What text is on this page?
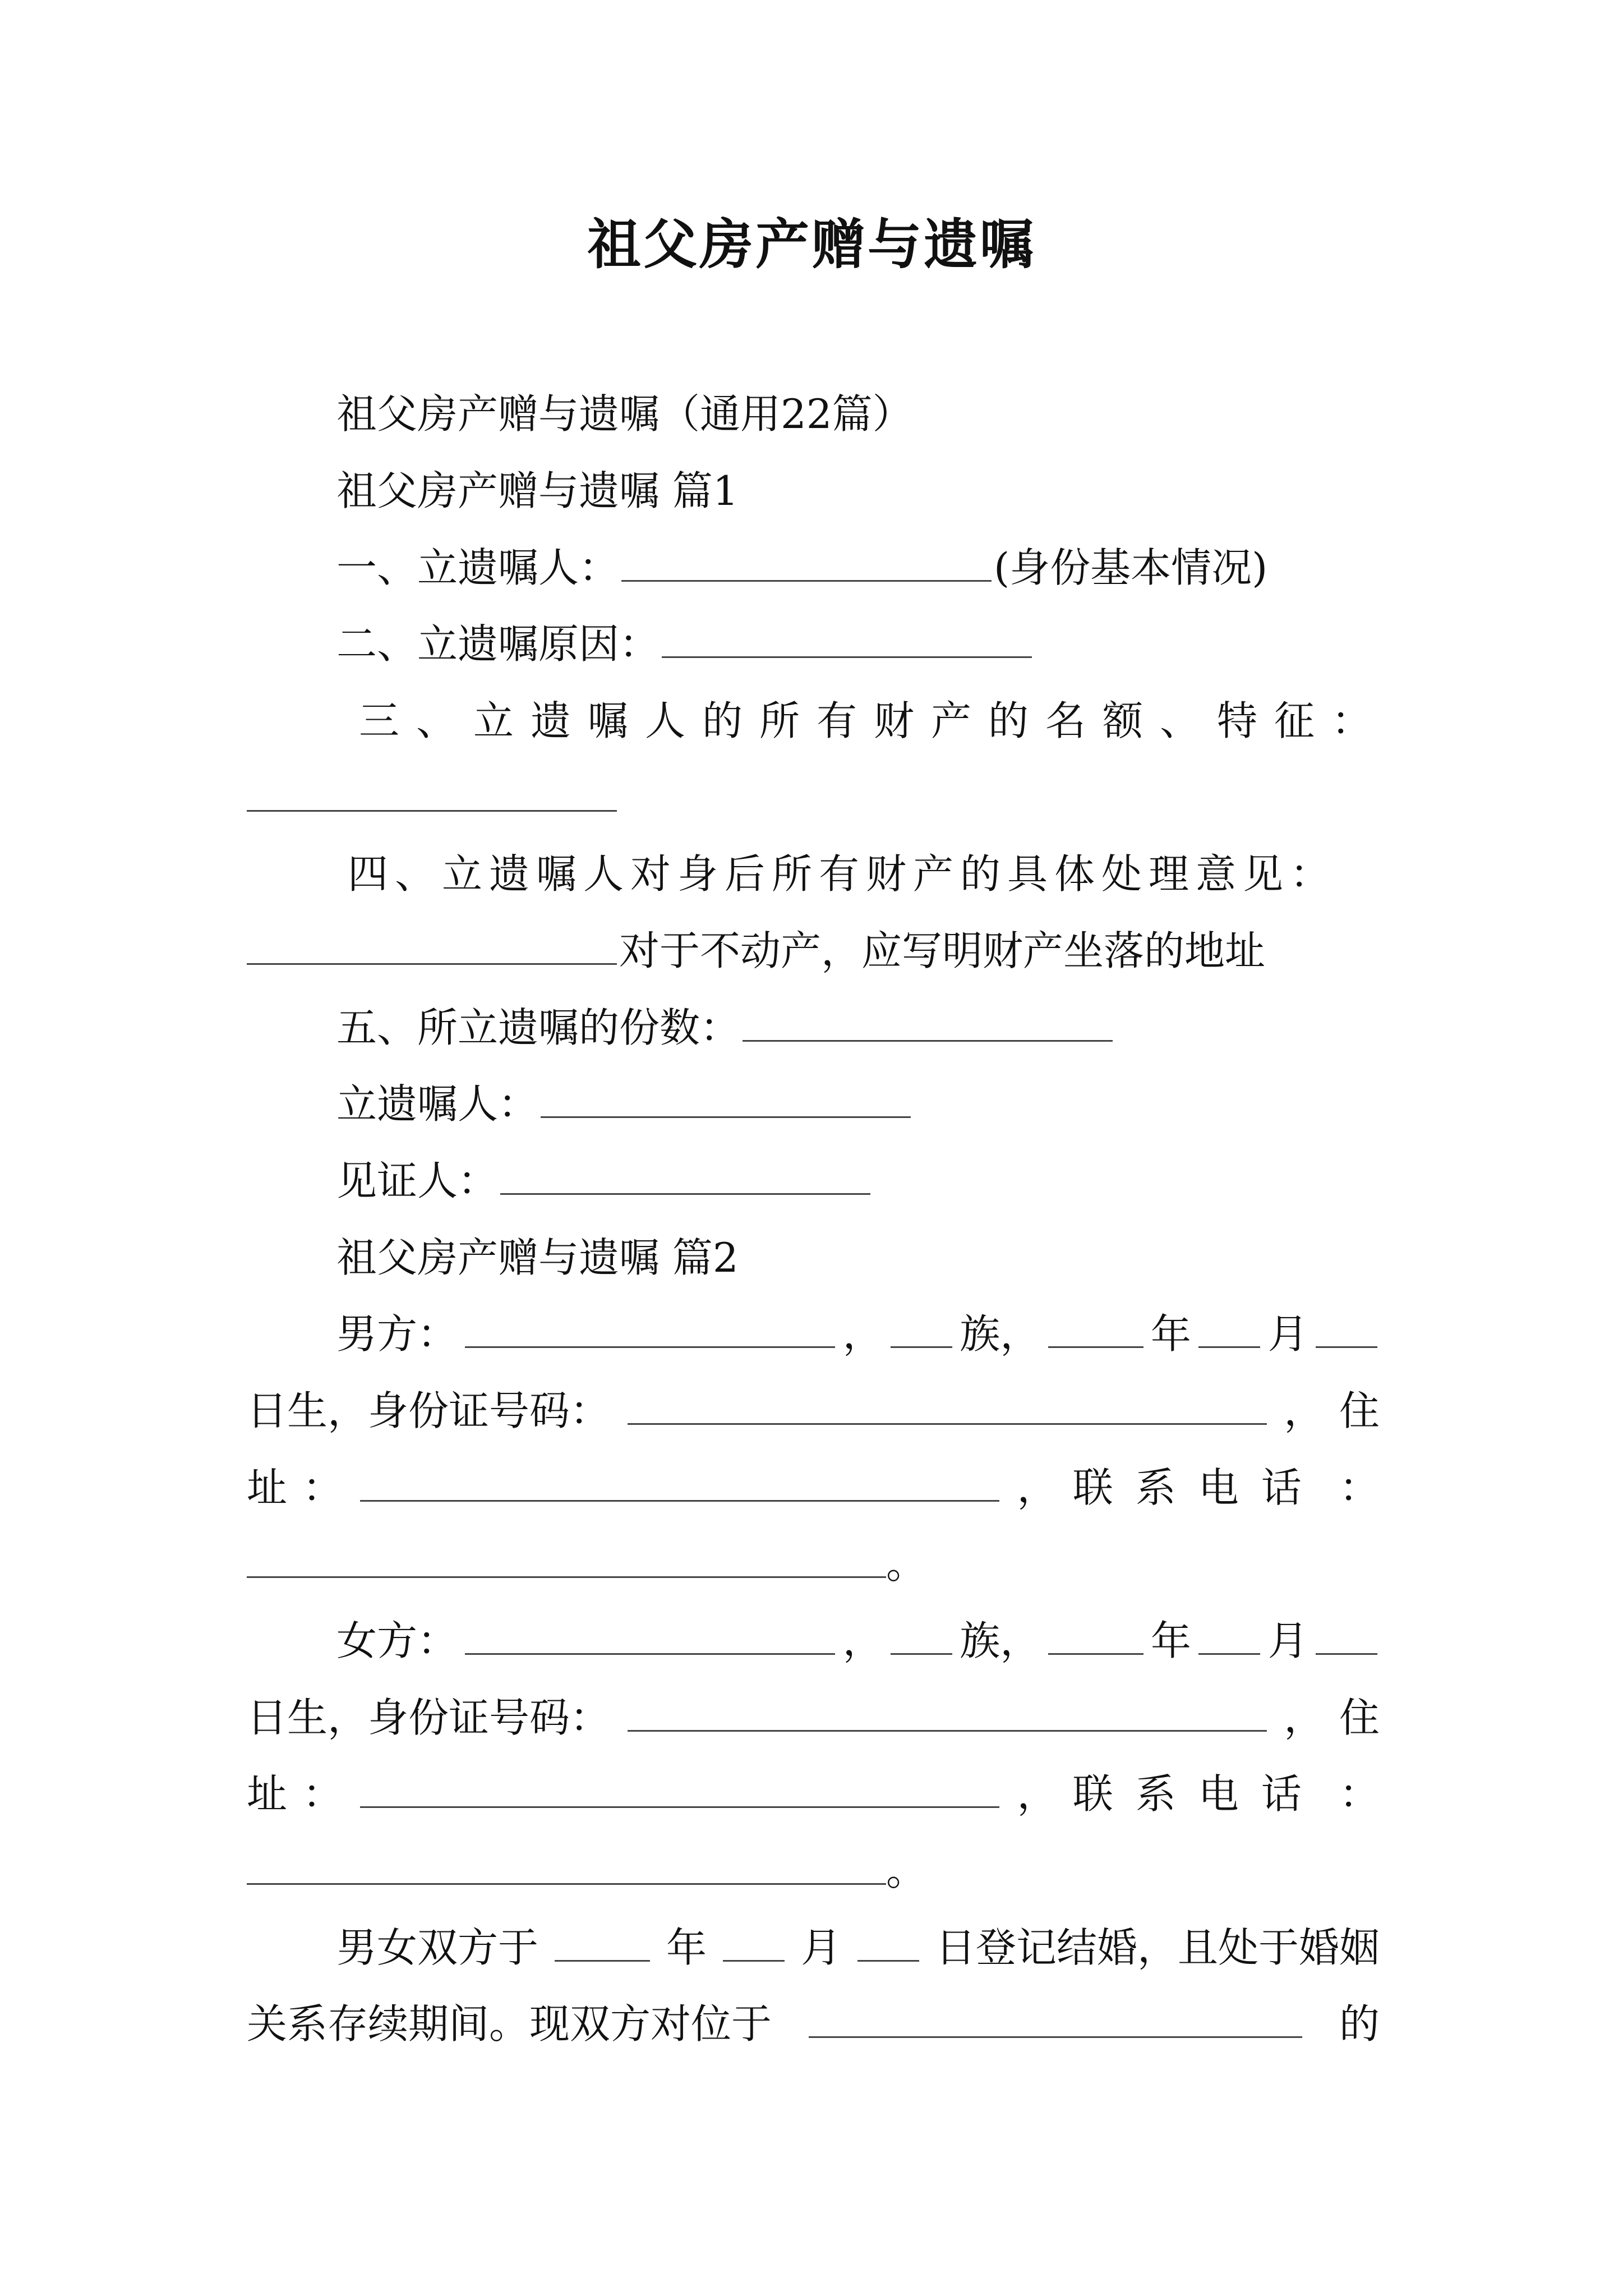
祖父房产赠与遗嘱
祖父房产赠与遗嘱（通用22篇）
祖父房产赠与遗嘱 篇1
一、立遗嘱人：	(身份基本情况)
二、立遗嘱原因：
三、立遗嘱人的所有财产的名额、特征：
四、立遗嘱人对身后所有财产的具体处理意见：
对于不动产，应写明财产坐落的地址
五、所立遗嘱的份数：
立遗嘱人：
见证人：
祖父房产赠与遗嘱 篇2
男方：	， 族，	年 月
日生，身份证号码：	， 住
址 ：	， 联系电话 ：
。
女方：	， 族，	年 月
日生，身份证号码：	， 住
址 ：	， 联系电话 ：
。
男女双方于	年 月 日登记结婚，且处于婚姻
关系存续期间。现双方对位于	的
